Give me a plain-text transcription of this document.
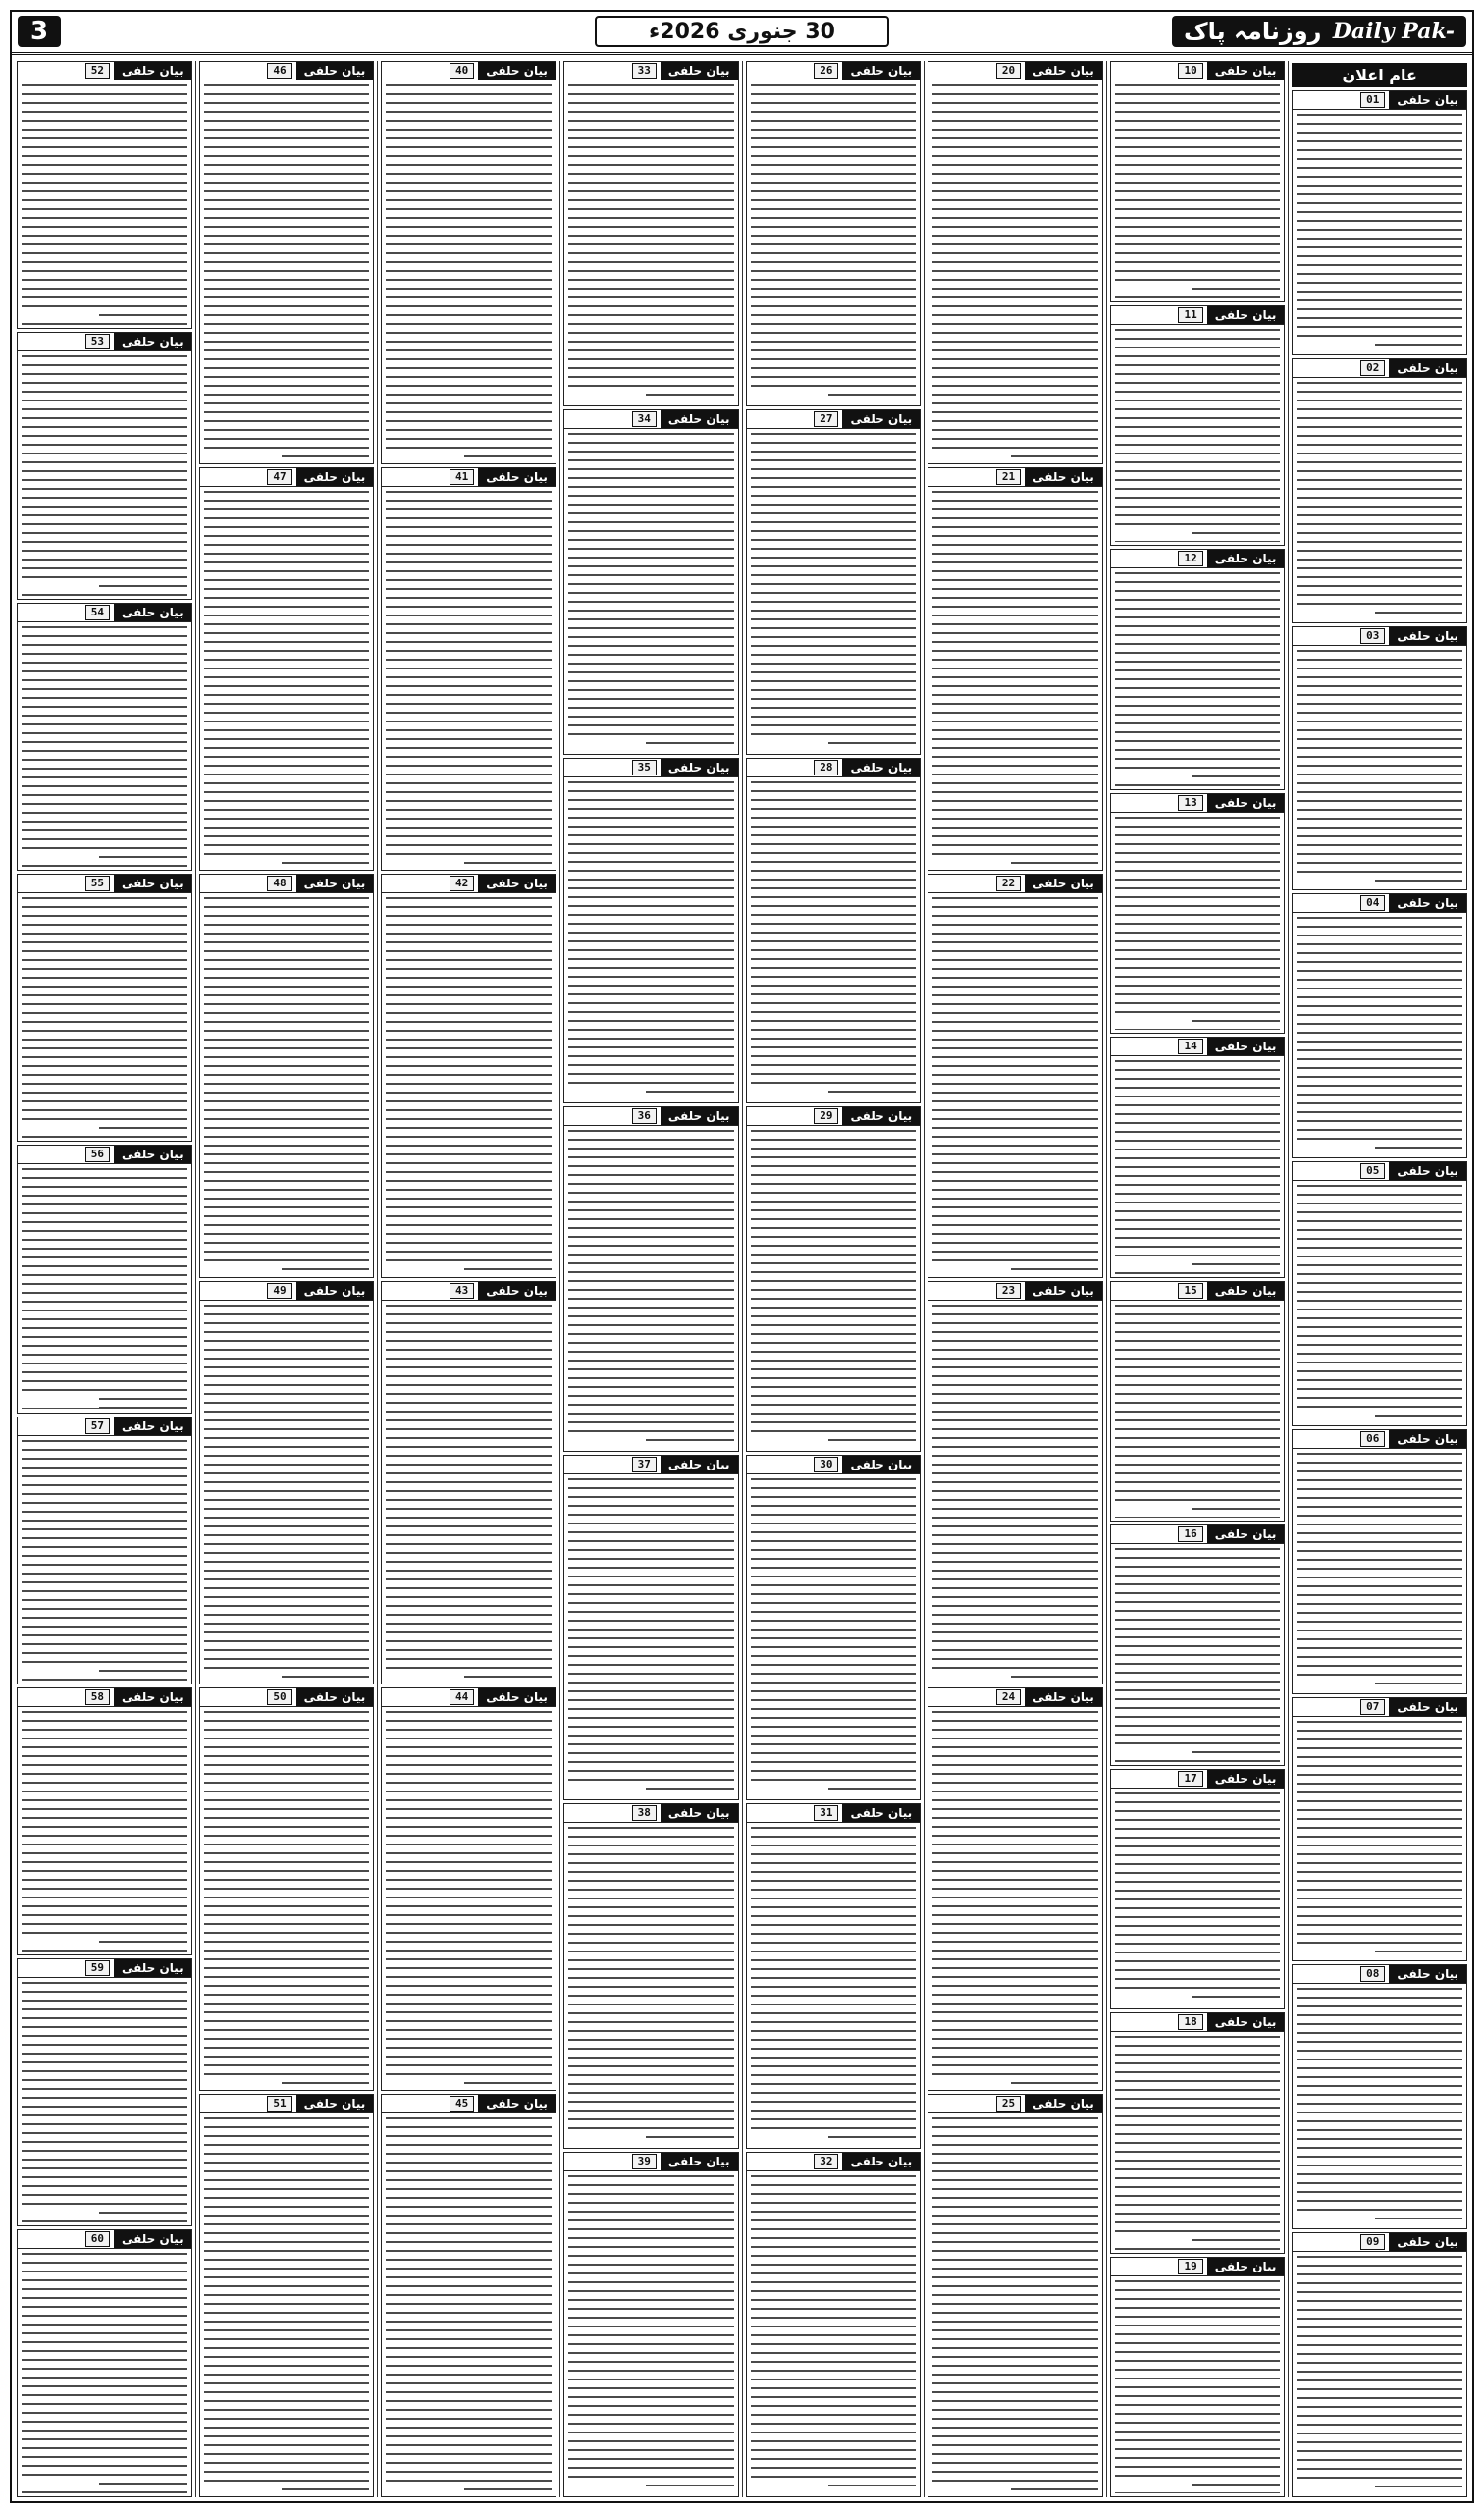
3	30 جنوری 2026ء	روزنامہ پاک Daily Pak-
عام اعلان
بیان حلفی
01
بیان حلفی
02
بیان حلفی
03
بیان حلفی
04
بیان حلفی
05
بیان حلفی
06
بیان حلفی
07
بیان حلفی
08
بیان حلفی
09
بیان حلفی
10
بیان حلفی
11
بیان حلفی
12
بیان حلفی
13
بیان حلفی
14
بیان حلفی
15
بیان حلفی
16
بیان حلفی
17
بیان حلفی
18
بیان حلفی
19
بیان حلفی
20
بیان حلفی
21
بیان حلفی
22
بیان حلفی
23
بیان حلفی
24
بیان حلفی
25
بیان حلفی
26
بیان حلفی
27
بیان حلفی
28
بیان حلفی
29
بیان حلفی
30
بیان حلفی
31
بیان حلفی
32
بیان حلفی
33
بیان حلفی
34
بیان حلفی
35
بیان حلفی
36
بیان حلفی
37
بیان حلفی
38
بیان حلفی
39
بیان حلفی
40
بیان حلفی
41
بیان حلفی
42
بیان حلفی
43
بیان حلفی
44
بیان حلفی
45
بیان حلفی
46
بیان حلفی
47
بیان حلفی
48
بیان حلفی
49
بیان حلفی
50
بیان حلفی
51
بیان حلفی
52
بیان حلفی
53
بیان حلفی
54
بیان حلفی
55
بیان حلفی
56
بیان حلفی
57
بیان حلفی
58
بیان حلفی
59
بیان حلفی
60
